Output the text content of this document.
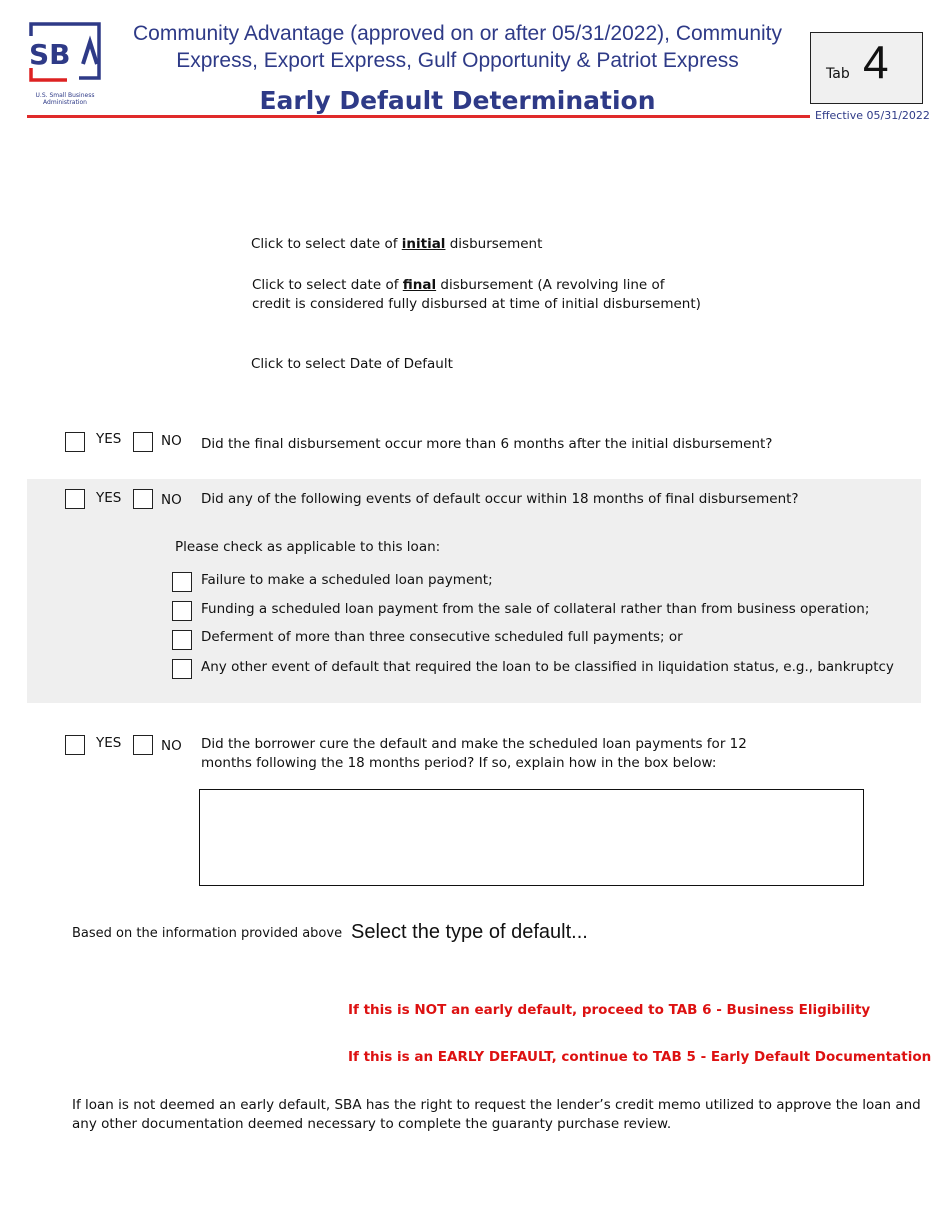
SB
U.S. Small Business
Administration
Community Advantage (approved on or after 05/31/2022), Community
Express, Export Express, Gulf Opportunity & Patriot Express
Early Default Determination
Tab 4
Effective 05/31/2022
Click to select date of initial disbursement
Click to select date of final disbursement (A revolving line of
credit is considered fully disbursed at time of initial disbursement)
Click to select Date of Default
YES	NO Did the final disbursement occur more than 6 months after the initial disbursement?
YES	NO Did any of the following events of default occur within 18 months of final disbursement?
Please check as applicable to this loan:
Failure to make a scheduled loan payment;
Funding a scheduled loan payment from the sale of collateral rather than from business operation;
Deferment of more than three consecutive scheduled full payments; or
Any other event of default that required the loan to be classified in liquidation status, e.g., bankruptcy
YES	NO Did the borrower cure the default and make the scheduled loan payments for 12
months following the 18 months period? If so, explain how in the box below:
Based on the information provided above Select the type of default...
If this is NOT an early default, proceed to TAB 6 - Business Eligibility
If this is an EARLY DEFAULT, continue to TAB 5 - Early Default Documentation
If loan is not deemed an early default, SBA has the right to request the lender’s credit memo utilized to approve the loan and
any other documentation deemed necessary to complete the guaranty purchase review.
